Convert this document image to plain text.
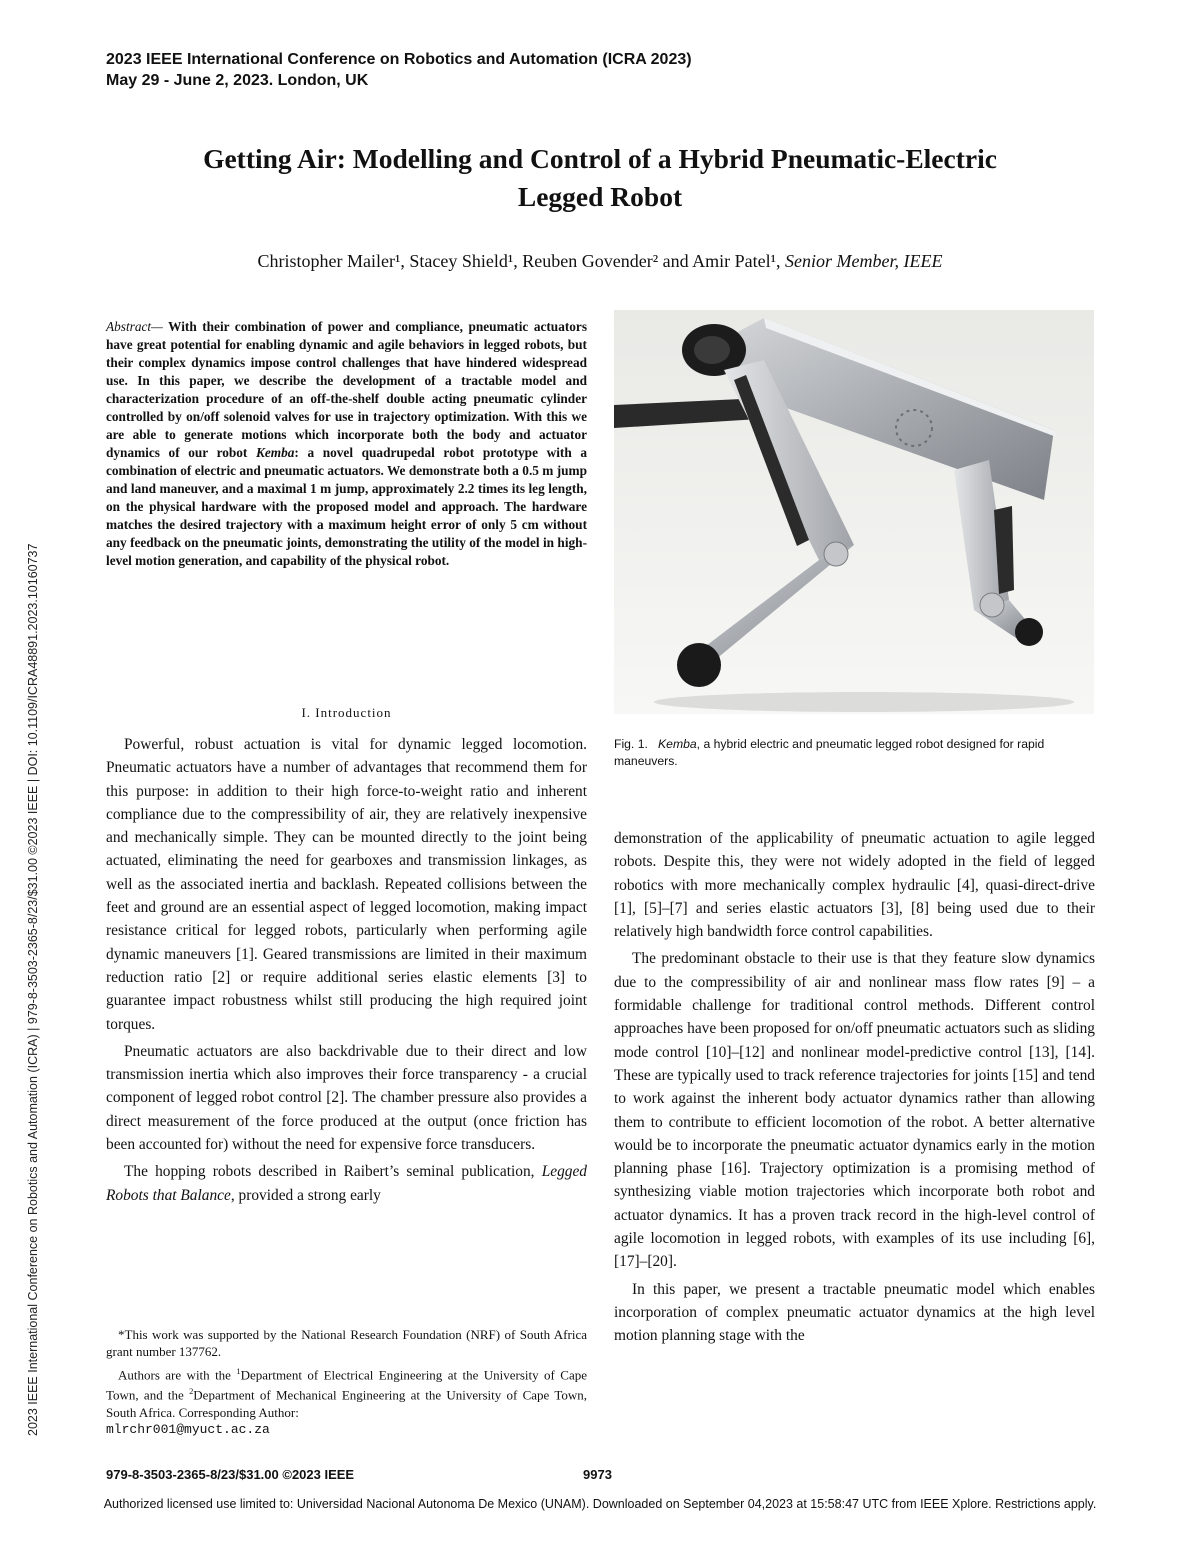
2023 IEEE International Conference on Robotics and Automation (ICRA 2023)
May 29 - June 2, 2023. London, UK
Getting Air: Modelling and Control of a Hybrid Pneumatic-Electric
Legged Robot
Christopher Mailer¹, Stacey Shield¹, Reuben Govender² and Amir Patel¹, Senior Member, IEEE
Abstract— With their combination of power and compliance, pneumatic actuators have great potential for enabling dynamic and agile behaviors in legged robots, but their complex dynamics impose control challenges that have hindered widespread use. In this paper, we describe the development of a tractable model and characterization procedure of an off-the-shelf double acting pneumatic cylinder controlled by on/off solenoid valves for use in trajectory optimization. With this we are able to generate motions which incorporate both the body and actuator dynamics of our robot Kemba: a novel quadrupedal robot prototype with a combination of electric and pneumatic actuators. We demonstrate both a 0.5 m jump and land maneuver, and a maximal 1 m jump, approximately 2.2 times its leg length, on the physical hardware with the proposed model and approach. The hardware matches the desired trajectory with a maximum height error of only 5 cm without any feedback on the pneumatic joints, demonstrating the utility of the model in high-level motion generation, and capability of the physical robot.
I. Introduction

Powerful, robust actuation is vital for dynamic legged locomotion. Pneumatic actuators have a number of advantages that recommend them for this purpose: in addition to their high force-to-weight ratio and inherent compliance due to the compressibility of air, they are relatively inexpensive and mechanically simple. They can be mounted directly to the joint being actuated, eliminating the need for gearboxes and transmission linkages, as well as the associated inertia and backlash. Repeated collisions between the feet and ground are an essential aspect of legged locomotion, making impact resistance critical for legged robots, particularly when performing agile dynamic maneuvers [1]. Geared transmissions are limited in their maximum reduction ratio [2] or require additional series elastic elements [3] to guarantee impact robustness whilst still producing the high required joint torques.

Pneumatic actuators are also backdrivable due to their direct and low transmission inertia which also improves their force transparency - a crucial component of legged robot control [2]. The chamber pressure also provides a direct measurement of the force produced at the output (once friction has been accounted for) without the need for expensive force transducers.

The hopping robots described in Raibert’s seminal publication, Legged Robots that Balance, provided a strong early

*This work was supported by the National Research Foundation (NRF) of South Africa grant number 137762.

Authors are with the $^1$Department of Electrical Engineering at the University of Cape Town, and the $^2$Department of Mechanical Engineering at the University of Cape Town, South Africa. Corresponding Author:

mlrchr001@myuct.ac.za
Fig. 1. Kemba, a hybrid electric and pneumatic legged robot designed for rapid maneuvers.

demonstration of the applicability of pneumatic actuation to agile legged robots. Despite this, they were not widely adopted in the field of legged robotics with more mechanically complex hydraulic [4], quasi-direct-drive [1], [5]–[7] and series elastic actuators [3], [8] being used due to their relatively high bandwidth force control capabilities.

The predominant obstacle to their use is that they feature slow dynamics due to the compressibility of air and nonlinear mass flow rates [9] – a formidable challenge for traditional control methods. Different control approaches have been proposed for on/off pneumatic actuators such as sliding mode control [10]–[12] and nonlinear model-predictive control [13], [14]. These are typically used to track reference trajectories for joints [15] and tend to work against the inherent body actuator dynamics rather than allowing them to contribute to efficient locomotion of the robot. A better alternative would be to incorporate the pneumatic actuator dynamics early in the motion planning phase [16]. Trajectory optimization is a promising method of synthesizing viable motion trajectories which incorporate both robot and actuator dynamics. It has a proven track record in the high-level control of agile locomotion in legged robots, with examples of its use including [6], [17]–[20].

In this paper, we present a tractable pneumatic model which enables incorporation of complex pneumatic actuator dynamics at the high level motion planning stage with the

979-8-3503-2365-8/23/$31.00 ©2023 IEEE	9973
Authorized licensed use limited to: Universidad Nacional Autonoma De Mexico (UNAM). Downloaded on September 04,2023 at 15:58:47 UTC from IEEE Xplore. Restrictions apply.
2023 IEEE International Conference on Robotics and Automation (ICRA) | 979-8-3503-2365-8/23/$31.00 ©2023 IEEE | DOI: 10.1109/ICRA48891.2023.10160737
